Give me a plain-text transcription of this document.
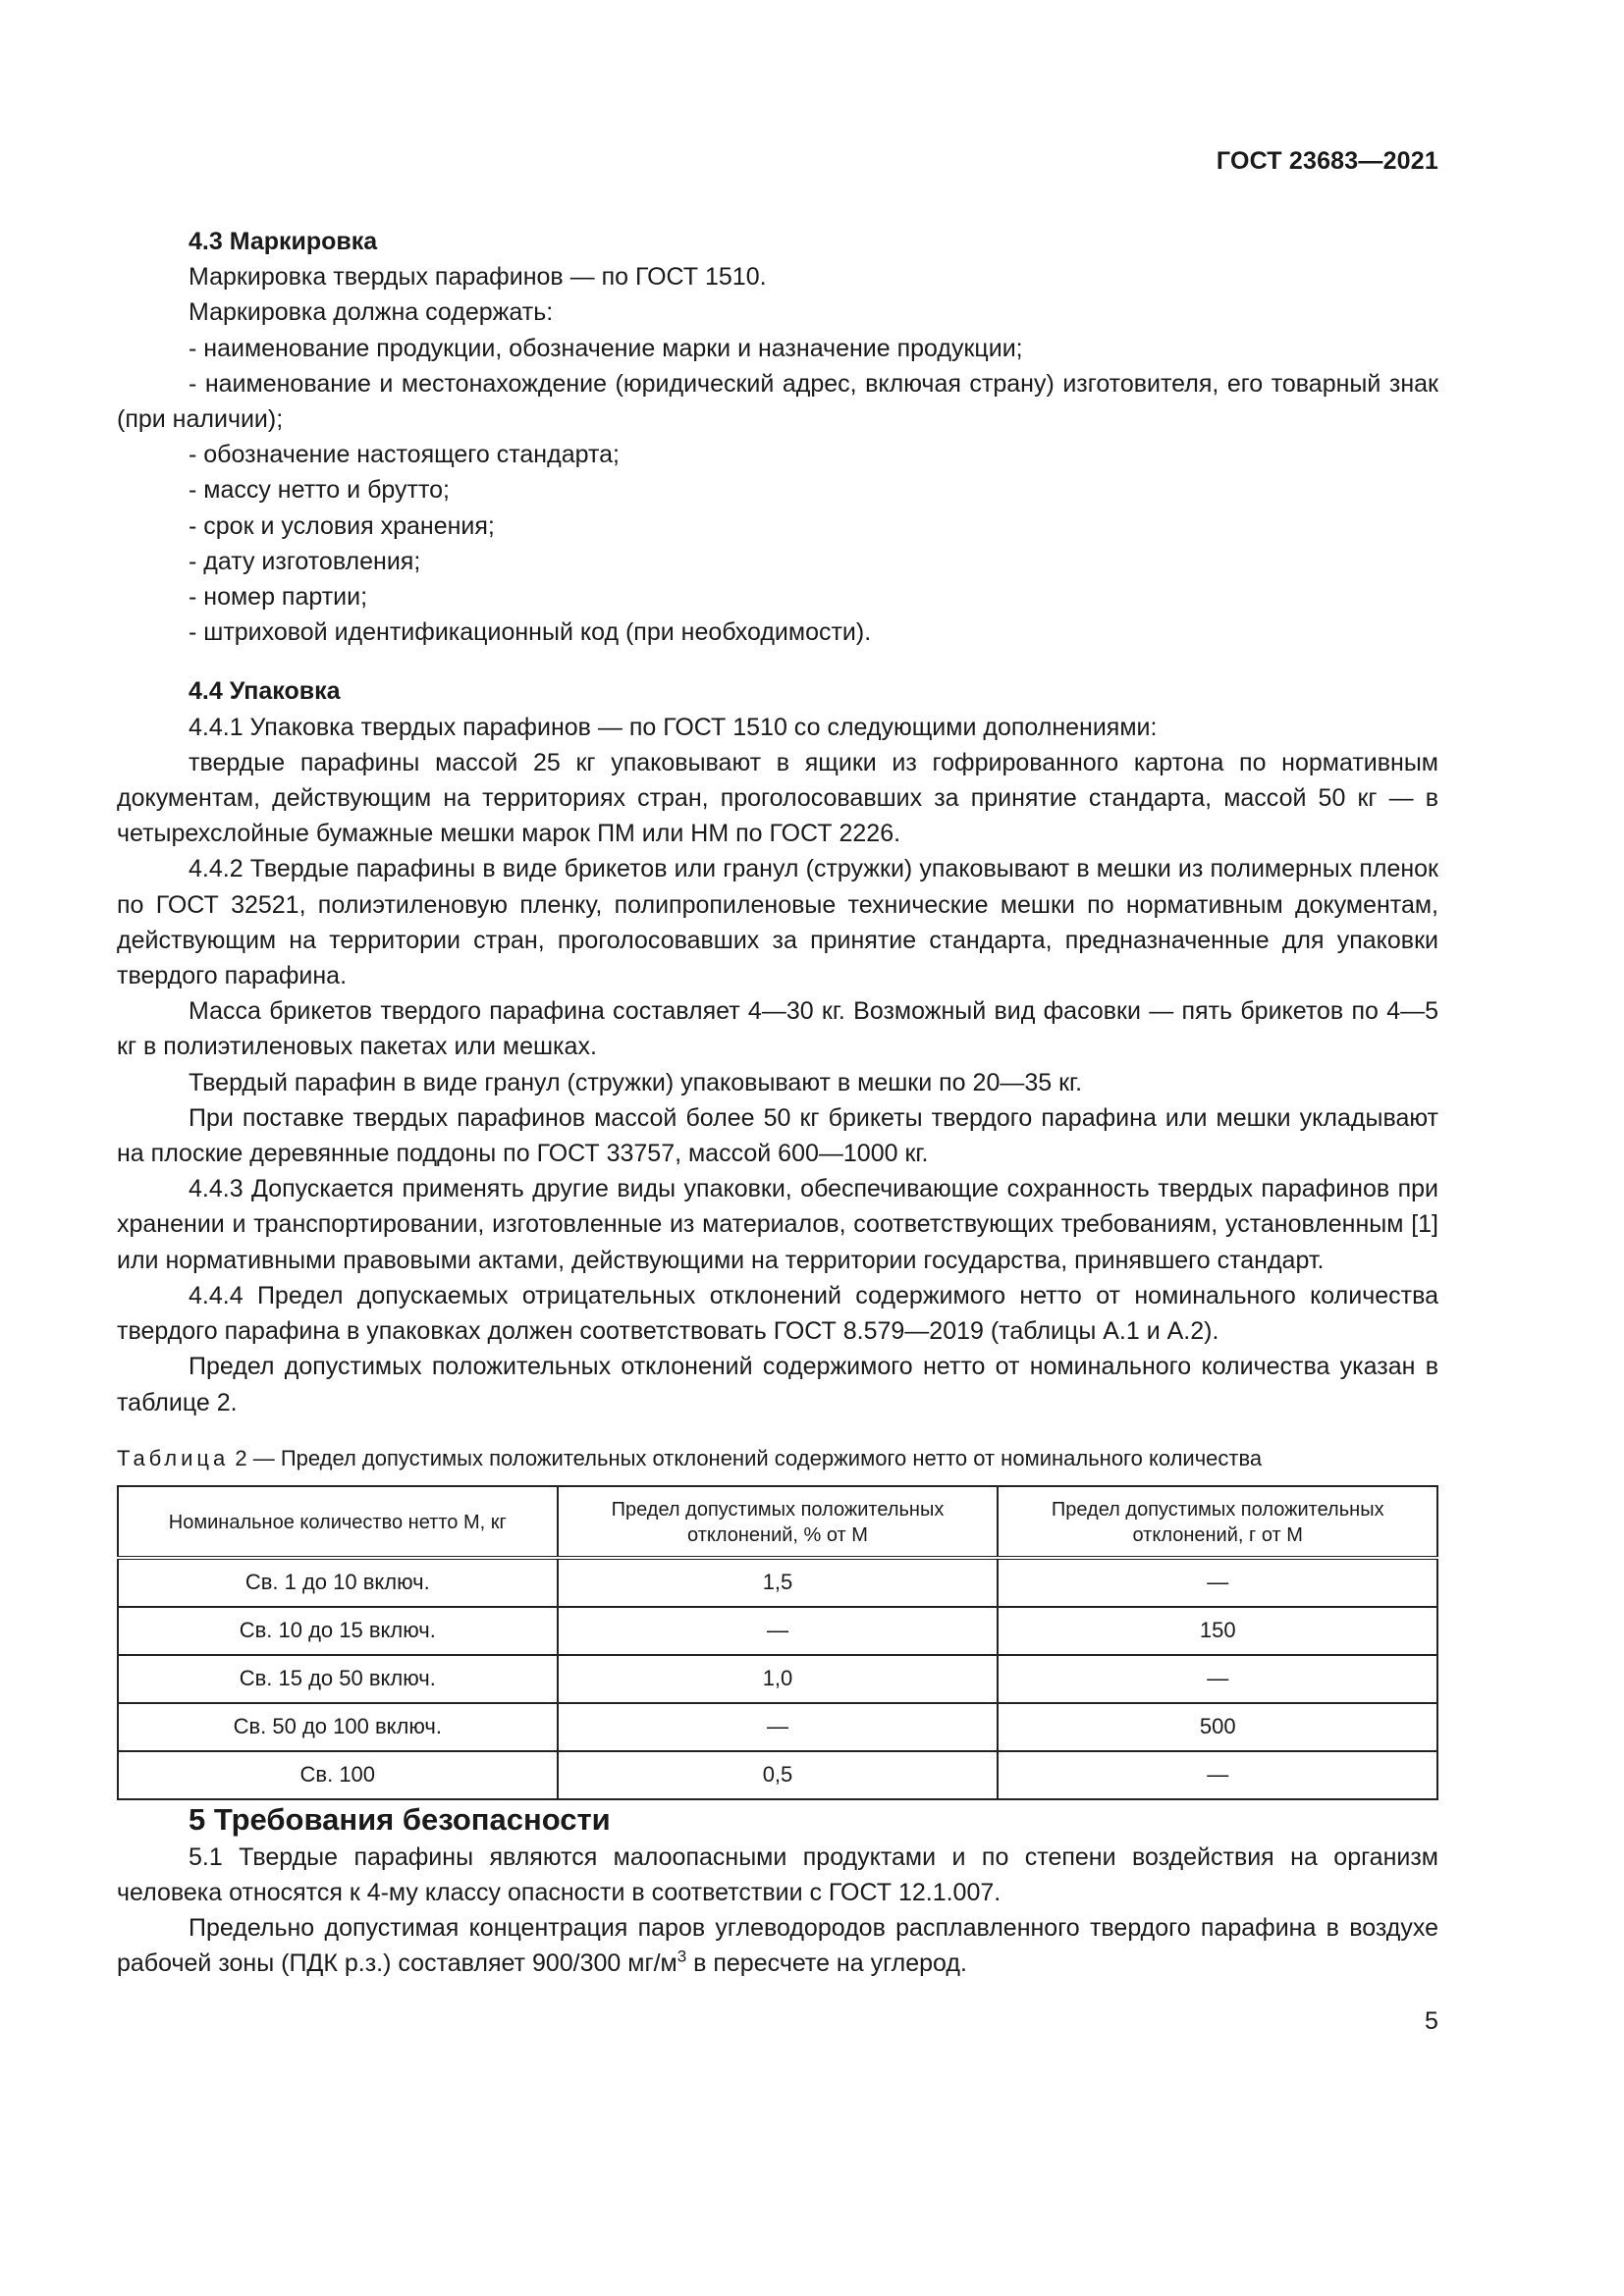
ГОСТ 23683—2021

4.3 Маркировка

Маркировка твердых парафинов — по ГОСТ 1510.

Маркировка должна содержать:

- наименование продукции, обозначение марки и назначение продукции;

- наименование и местонахождение (юридический адрес, включая страну) изготовителя, его товарный знак (при наличии);

- обозначение настоящего стандарта;

- массу нетто и брутто;

- срок и условия хранения;

- дату изготовления;

- номер партии;

- штриховой идентификационный код (при необходимости).

4.4 Упаковка

4.4.1 Упаковка твердых парафинов — по ГОСТ 1510 со следующими дополнениями:

твердые парафины массой 25 кг упаковывают в ящики из гофрированного картона по нормативным документам, действующим на территориях стран, проголосовавших за принятие стандарта, массой 50 кг — в четырехслойные бумажные мешки марок ПМ или НМ по ГОСТ 2226.

4.4.2 Твердые парафины в виде брикетов или гранул (стружки) упаковывают в мешки из полимерных пленок по ГОСТ 32521, полиэтиленовую пленку, полипропиленовые технические мешки по нормативным документам, действующим на территории стран, проголосовавших за принятие стандарта, предназначенные для упаковки твердого парафина.

Масса брикетов твердого парафина составляет 4—30 кг. Возможный вид фасовки — пять брикетов по 4—5 кг в полиэтиленовых пакетах или мешках.

Твердый парафин в виде гранул (стружки) упаковывают в мешки по 20—35 кг.

При поставке твердых парафинов массой более 50 кг брикеты твердого парафина или мешки укладывают на плоские деревянные поддоны по ГОСТ 33757, массой 600—1000 кг.

4.4.3 Допускается применять другие виды упаковки, обеспечивающие сохранность твердых парафинов при хранении и транспортировании, изготовленные из материалов, соответствующих требованиям, установленным [1] или нормативными правовыми актами, действующими на территории государства, принявшего стандарт.

4.4.4 Предел допускаемых отрицательных отклонений содержимого нетто от номинального количества твердого парафина в упаковках должен соответствовать ГОСТ 8.579—2019 (таблицы А.1 и А.2).

Предел допустимых положительных отклонений содержимого нетто от номинального количества указан в таблице 2.

Таблица 2 — Предел допустимых положительных отклонений содержимого нетто от номинального количества
Номинальное количество нетто М, кг	Предел допустимых положительных отклонений, % от М	Предел допустимых положительных отклонений, г от М
Св. 1 до 10 включ.	1,5	—
Св. 10 до 15 включ.	—	150
Св. 15 до 50 включ.	1,0	—
Св. 50 до 100 включ.	—	500
Св. 100	0,5	—

5 Требования безопасности

5.1 Твердые парафины являются малоопасными продуктами и по степени воздействия на организм человека относятся к 4-му классу опасности в соответствии с ГОСТ 12.1.007.

Предельно допустимая концентрация паров углеводородов расплавленного твердого парафина в воздухе рабочей зоны (ПДК р.з.) составляет 900/300 $мг/м^3$ в пересчете на углерод.

5
